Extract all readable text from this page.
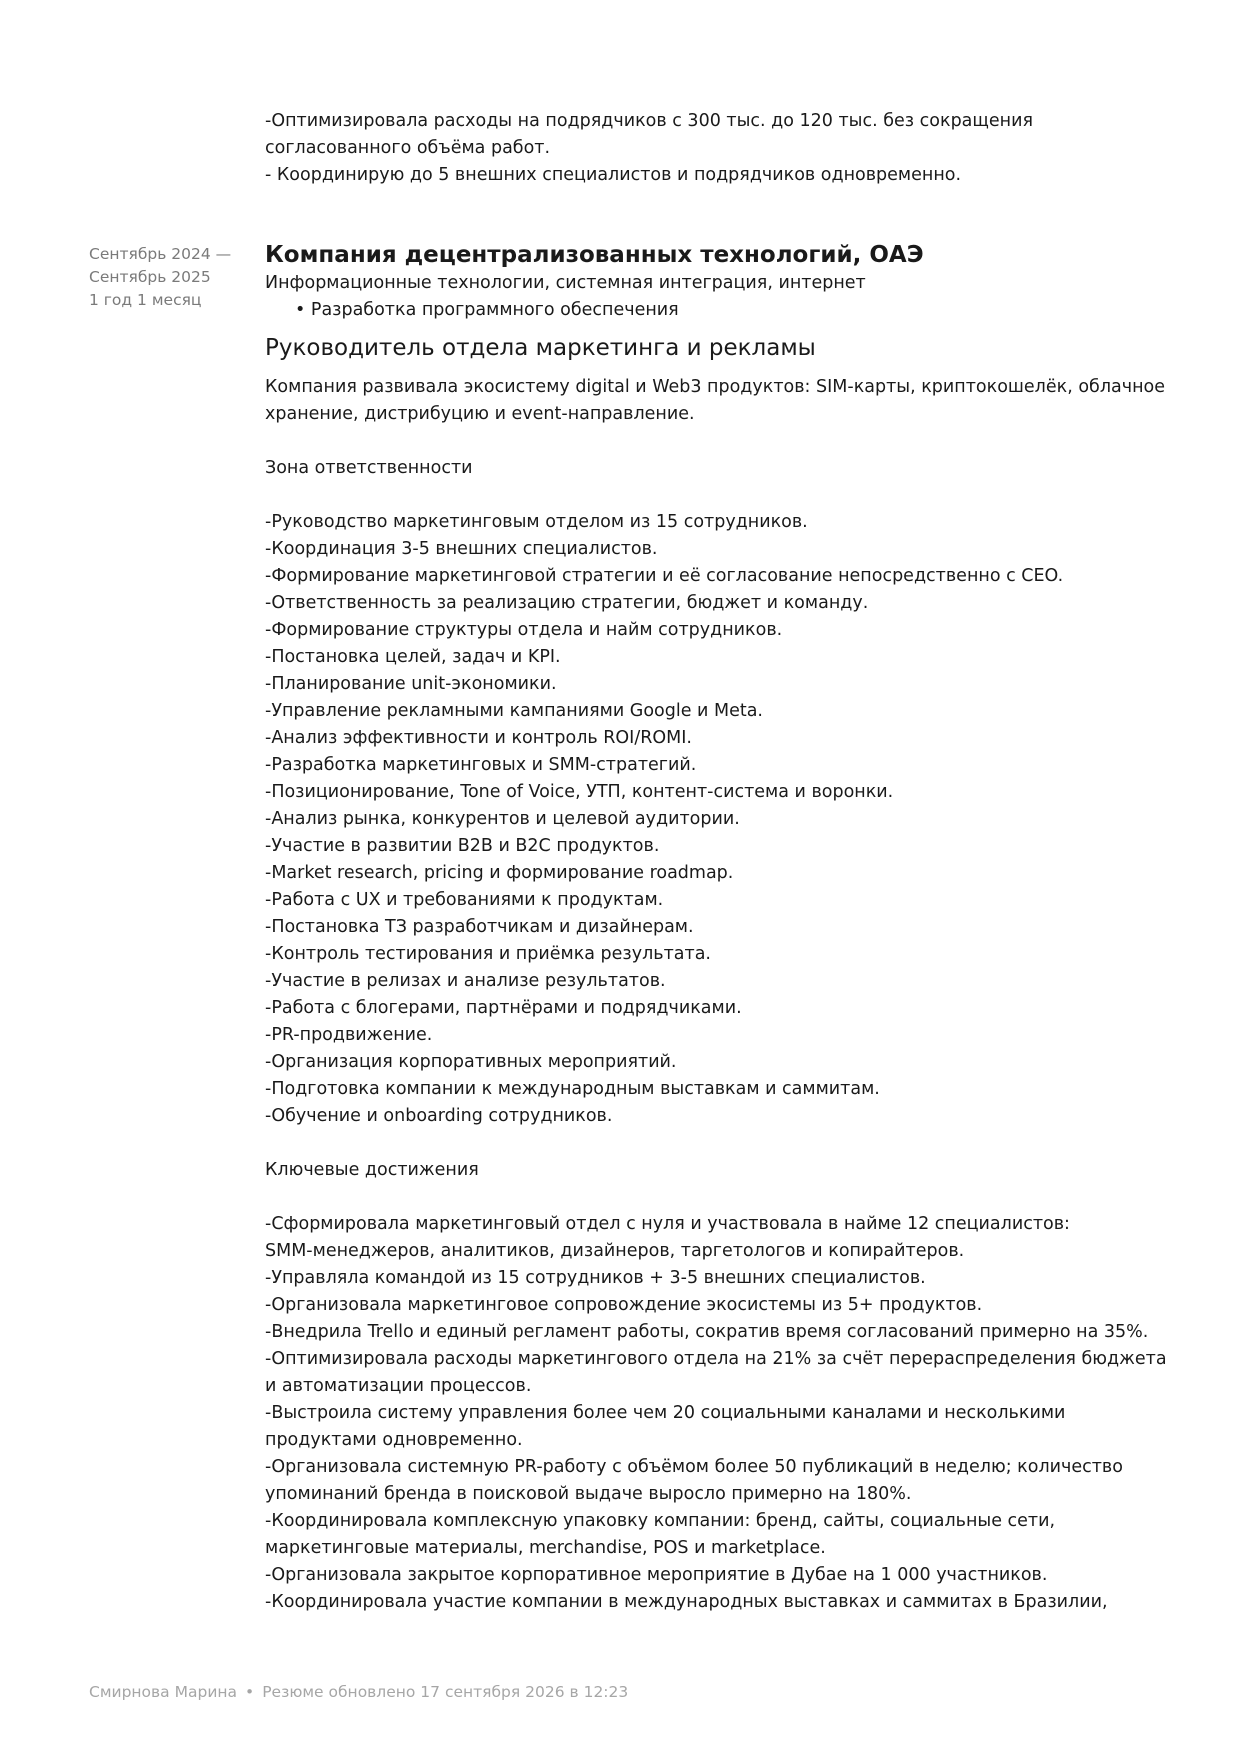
-Оптимизировала расходы на подрядчиков с 300 тыс. до 120 тыс. без сокращения

согласованного объёма работ.

- Координирую до 5 внешних специалистов и подрядчиков одновременно.

Сентябрь 2024 —
Сентябрь 2025
1 год 1 месяц

Компания децентрализованных технологий, ОАЭ

Информационные технологии, системная интеграция, интернет

• Разработка программного обеспечения

Руководитель отдела маркетинга и рекламы

Компания развивала экосистему digital и Web3 продуктов: SIM-карты, криптокошелёк, облачное

хранение, дистрибуцию и event-направление.

Зона ответственности

-Руководство маркетинговым отделом из 15 сотрудников.

-Координация 3-5 внешних специалистов.

-Формирование маркетинговой стратегии и её согласование непосредственно с CEO.

-Ответственность за реализацию стратегии, бюджет и команду.

-Формирование структуры отдела и найм сотрудников.

-Постановка целей, задач и KPI.

-Планирование unit-экономики.

-Управление рекламными кампаниями Google и Meta.

-Анализ эффективности и контроль ROI/ROMI.

-Разработка маркетинговых и SMM-стратегий.

-Позиционирование, Tone of Voice, УТП, контент-система и воронки.

-Анализ рынка, конкурентов и целевой аудитории.

-Участие в развитии B2B и B2C продуктов.

-Market research, pricing и формирование roadmap.

-Работа с UX и требованиями к продуктам.

-Постановка ТЗ разработчикам и дизайнерам.

-Контроль тестирования и приёмка результата.

-Участие в релизах и анализе результатов.

-Работа с блогерами, партнёрами и подрядчиками.

-PR-продвижение.

-Организация корпоративных мероприятий.

-Подготовка компании к международным выставкам и саммитам.

-Обучение и onboarding сотрудников.

Ключевые достижения

-Сформировала маркетинговый отдел с нуля и участвовала в найме 12 специалистов:

SMM-менеджеров, аналитиков, дизайнеров, таргетологов и копирайтеров.

-Управляла командой из 15 сотрудников + 3-5 внешних специалистов.

-Организовала маркетинговое сопровождение экосистемы из 5+ продуктов.

-Внедрила Trello и единый регламент работы, сократив время согласований примерно на 35%.

-Оптимизировала расходы маркетингового отдела на 21% за счёт перераспределения бюджета

и автоматизации процессов.

-Выстроила систему управления более чем 20 социальными каналами и несколькими

продуктами одновременно.

-Организовала системную PR-работу с объёмом более 50 публикаций в неделю; количество

упоминаний бренда в поисковой выдаче выросло примерно на 180%.

-Координировала комплексную упаковку компании: бренд, сайты, социальные сети,

маркетинговые материалы, merchandise, POS и marketplace.

-Организовала закрытое корпоративное мероприятие в Дубае на 1 000 участников.

-Координировала участие компании в международных выставках и саммитах в Бразилии,

Смирнова Марина • Резюме обновлено 17 сентября 2026 в 12:23
